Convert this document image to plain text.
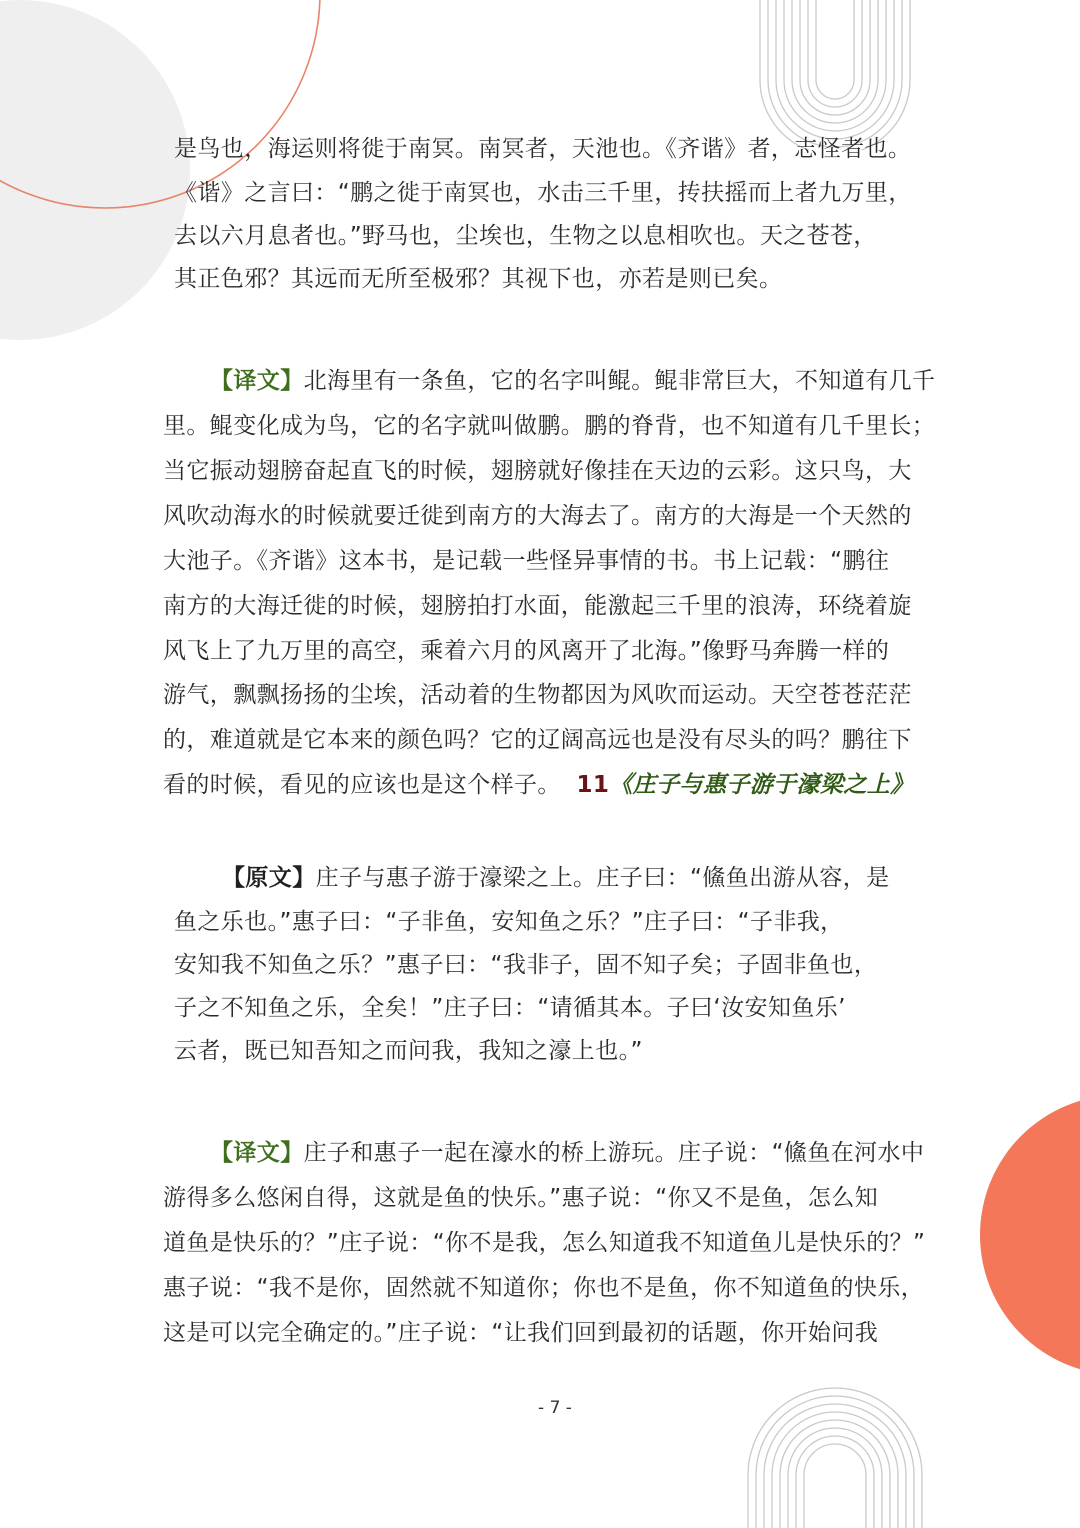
是鸟也，海运则将徙于南冥。南冥者，天池也。《齐谐》者，志怪者也。
《谐》之言曰：“鹏之徙于南冥也，水击三千里，抟扶摇而上者九万里，
去以六月息者也。”野马也，尘埃也，生物之以息相吹也。天之苍苍，
其正色邪？其远而无所至极邪？其视下也，亦若是则已矣。
【译文】北海里有一条鱼，它的名字叫鲲。鲲非常巨大，不知道有几千
里。鲲变化成为鸟，它的名字就叫做鹏。鹏的脊背，也不知道有几千里长；
当它振动翅膀奋起直飞的时候，翅膀就好像挂在天边的云彩。这只鸟，大
风吹动海水的时候就要迁徙到南方的大海去了。南方的大海是一个天然的
大池子。《齐谐》这本书，是记载一些怪异事情的书。书上记载：“鹏往
南方的大海迁徙的时候，翅膀拍打水面，能激起三千里的浪涛，环绕着旋
风飞上了九万里的高空，乘着六月的风离开了北海。”像野马奔腾一样的
游气，飘飘扬扬的尘埃，活动着的生物都因为风吹而运动。天空苍苍茫茫
的，难道就是它本来的颜色吗？它的辽阔高远也是没有尽头的吗？鹏往下
看的时候，看见的应该也是这个样子。 11《庄子与惠子游于濠梁之上》
【原文】庄子与惠子游于濠梁之上。庄子曰：“鯈鱼出游从容，是
鱼之乐也。”惠子曰：“子非鱼，安知鱼之乐？”庄子曰：“子非我，
安知我不知鱼之乐？”惠子曰：“我非子，固不知子矣；子固非鱼也，
子之不知鱼之乐，全矣！”庄子曰：“请循其本。子曰‘汝安知鱼乐’
云者，既已知吾知之而问我，我知之濠上也。”
【译文】庄子和惠子一起在濠水的桥上游玩。庄子说：“鯈鱼在河水中
游得多么悠闲自得，这就是鱼的快乐。”惠子说：“你又不是鱼，怎么知
道鱼是快乐的？”庄子说：“你不是我，怎么知道我不知道鱼儿是快乐的？”
惠子说：“我不是你，固然就不知道你；你也不是鱼，你不知道鱼的快乐，
这是可以完全确定的。”庄子说：“让我们回到最初的话题，你开始问我
- 7 -
